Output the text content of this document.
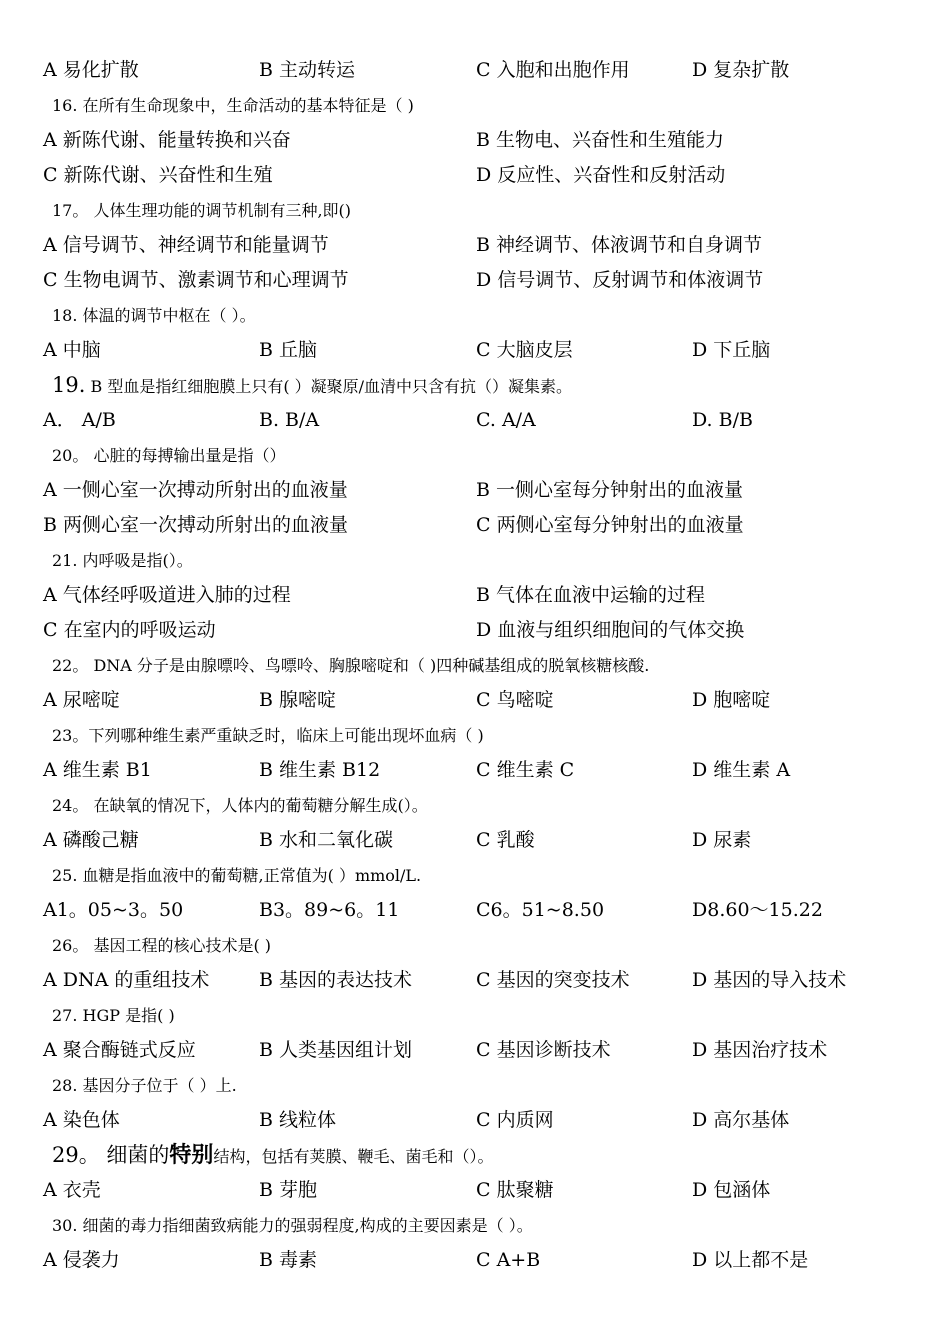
A 易化扩散	B 主动转运	C 入胞和出胞作用	D 复杂扩散
16. 在所有生命现象中，生命活动的基本特征是（ )
A 新陈代谢、能量转换和兴奋	B 生物电、兴奋性和生殖能力
C 新陈代谢、兴奋性和生殖	D 反应性、兴奋性和反射活动
17。 人体生理功能的调节机制有三种,即()
A 信号调节、神经调节和能量调节	B 神经调节、体液调节和自身调节
C 生物电调节、激素调节和心理调节	D 信号调节、反射调节和体液调节
18. 体温的调节中枢在（ ）。
A 中脑	B 丘脑	C 大脑皮层	D 下丘脑
19. B 型血是指红细胞膜上只有( ）凝聚原/血清中只含有抗（）凝集素。
A． A/B	B. B/A	C. A/A	D. B/B
20。 心脏的每搏输出量是指（）
A 一侧心室一次搏动所射出的血液量	B 一侧心室每分钟射出的血液量
B 两侧心室一次搏动所射出的血液量	C 两侧心室每分钟射出的血液量
21. 内呼吸是指(）。
A 气体经呼吸道进入肺的过程	B 气体在血液中运输的过程
C 在室内的呼吸运动	D 血液与组织细胞间的气体交换
22。 DNA 分子是由腺嘌呤、鸟嘌呤、胸腺嘧啶和（ )四种碱基组成的脱氧核糖核酸.
A 尿嘧啶	B 腺嘧啶	C 鸟嘧啶	D 胞嘧啶
23。下列哪种维生素严重缺乏时，临床上可能出现坏血病（ )
A 维生素 B1	B 维生素 B12	C 维生素 C	D 维生素 A
24。 在缺氧的情况下，人体内的葡萄糖分解生成(）。
A 磷酸己糖	B 水和二氧化碳	C 乳酸	D 尿素
25. 血糖是指血液中的葡萄糖,正常值为( ）mmol/L.
A1。05~3。50	B3。89~6。11	C6。51~8.50	D8.60～15.22
26。 基因工程的核心技术是( )
A DNA 的重组技术	B 基因的表达技术	C 基因的突变技术	D 基因的导入技术
27. HGP 是指( )
A 聚合酶链式反应	B 人类基因组计划	C 基因诊断技术	D 基因治疗技术
28. 基因分子位于（ ）上.
A 染色体	B 线粒体	C 内质网	D 高尔基体
29。 细菌的特别结构，包括有荚膜、鞭毛、菌毛和（）。
A 衣壳	B 芽胞	C 肽聚糖	D 包涵体
30. 细菌的毒力指细菌致病能力的强弱程度,构成的主要因素是（ ）。
A 侵袭力	B 毒素	C A+B	D 以上都不是
